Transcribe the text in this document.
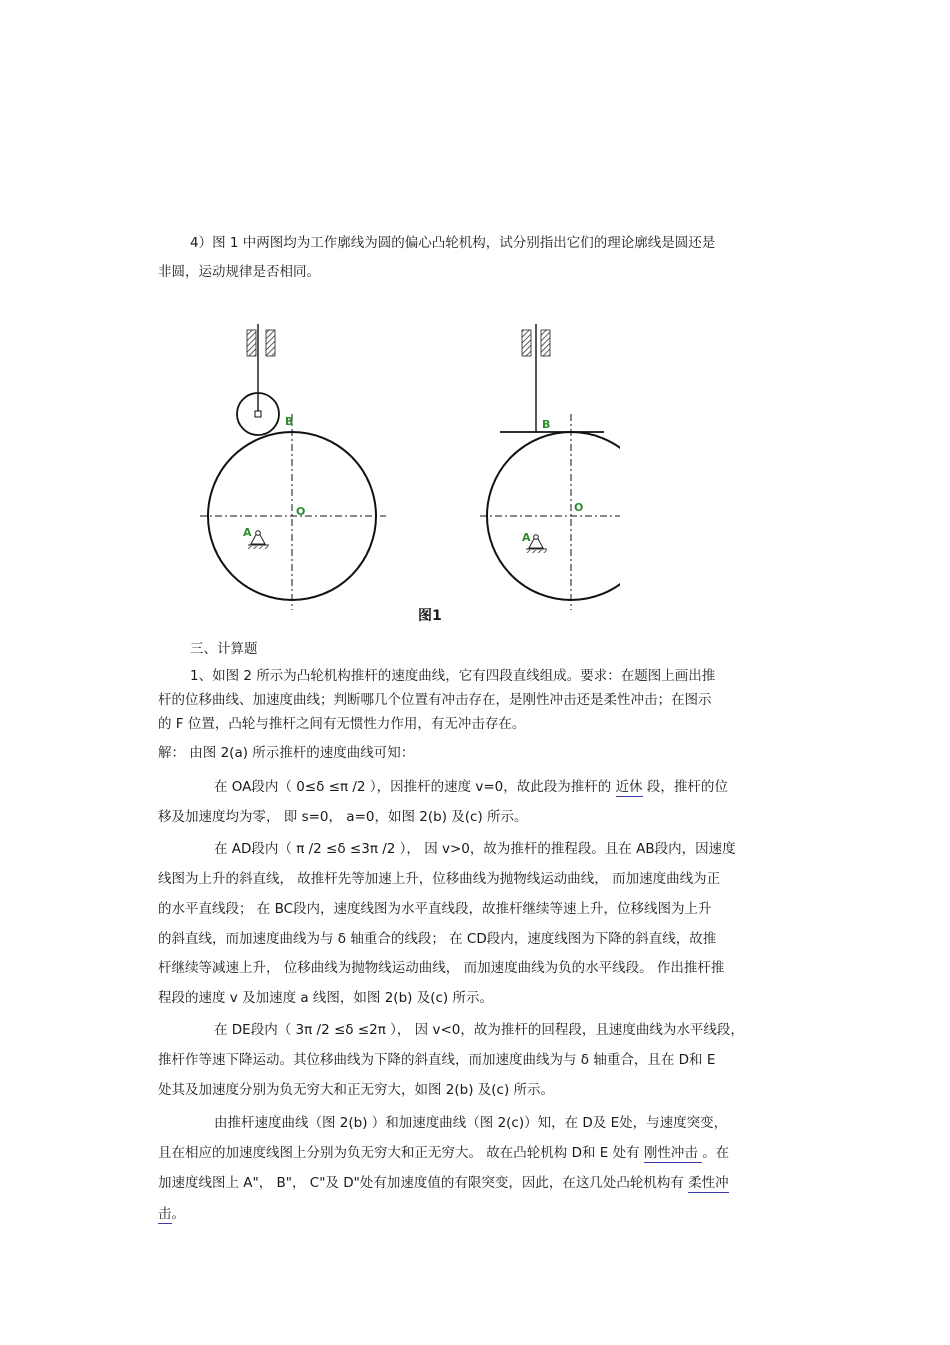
4）图 1 中两图均为工作廓线为圆的偏心凸轮机构，试分别指出它们的理论廓线是圆还是
非圆，运动规律是否相同。
B
O
A
B
O
A
图1
三、计算题
1、如图 2 所示为凸轮机构推杆的速度曲线，它有四段直线组成。要求：在题图上画出推
杆的位移曲线、加速度曲线；判断哪几个位置有冲击存在，是刚性冲击还是柔性冲击；在图示
的 F 位置，凸轮与推杆之间有无惯性力作用，有无冲击存在。
解： 由图 2(a) 所示推杆的速度曲线可知：
在 OA段内（ 0≤δ ≤π /2 ），因推杆的速度 v=0，故此段为推杆的 近休 段，推杆的位
移及加速度均为零， 即 s=0， a=0，如图 2(b) 及(c) 所示。
在 AD段内（ π /2 ≤δ ≤3π /2 ）， 因 v>0，故为推杆的推程段。且在 AB段内，因速度
线图为上升的斜直线， 故推杆先等加速上升，位移曲线为抛物线运动曲线， 而加速度曲线为正
的水平直线段； 在 BC段内，速度线图为水平直线段，故推杆继续等速上升，位移线图为上升
的斜直线，而加速度曲线为与 δ 轴重合的线段； 在 CD段内，速度线图为下降的斜直线，故推
杆继续等减速上升， 位移曲线为抛物线运动曲线， 而加速度曲线为负的水平线段。 作出推杆推
程段的速度 v 及加速度 a 线图，如图 2(b) 及(c) 所示。
在 DE段内（ 3π /2 ≤δ ≤2π ）， 因 v<0，故为推杆的回程段，且速度曲线为水平线段，
推杆作等速下降运动。其位移曲线为下降的斜直线，而加速度曲线为与 δ 轴重合，且在 D和 E
处其及加速度分别为负无穷大和正无穷大，如图 2(b) 及(c) 所示。
由推杆速度曲线（图 2(b) ）和加速度曲线（图 2(c)）知，在 D及 E处，与速度突变，
且在相应的加速度线图上分别为负无穷大和正无穷大。 故在凸轮机构 D和 E 处有 刚性冲击 。在
加速度线图上 A"， B"， C"及 D"处有加速度值的有限突变，因此，在这几处凸轮机构有 柔性冲
击。
